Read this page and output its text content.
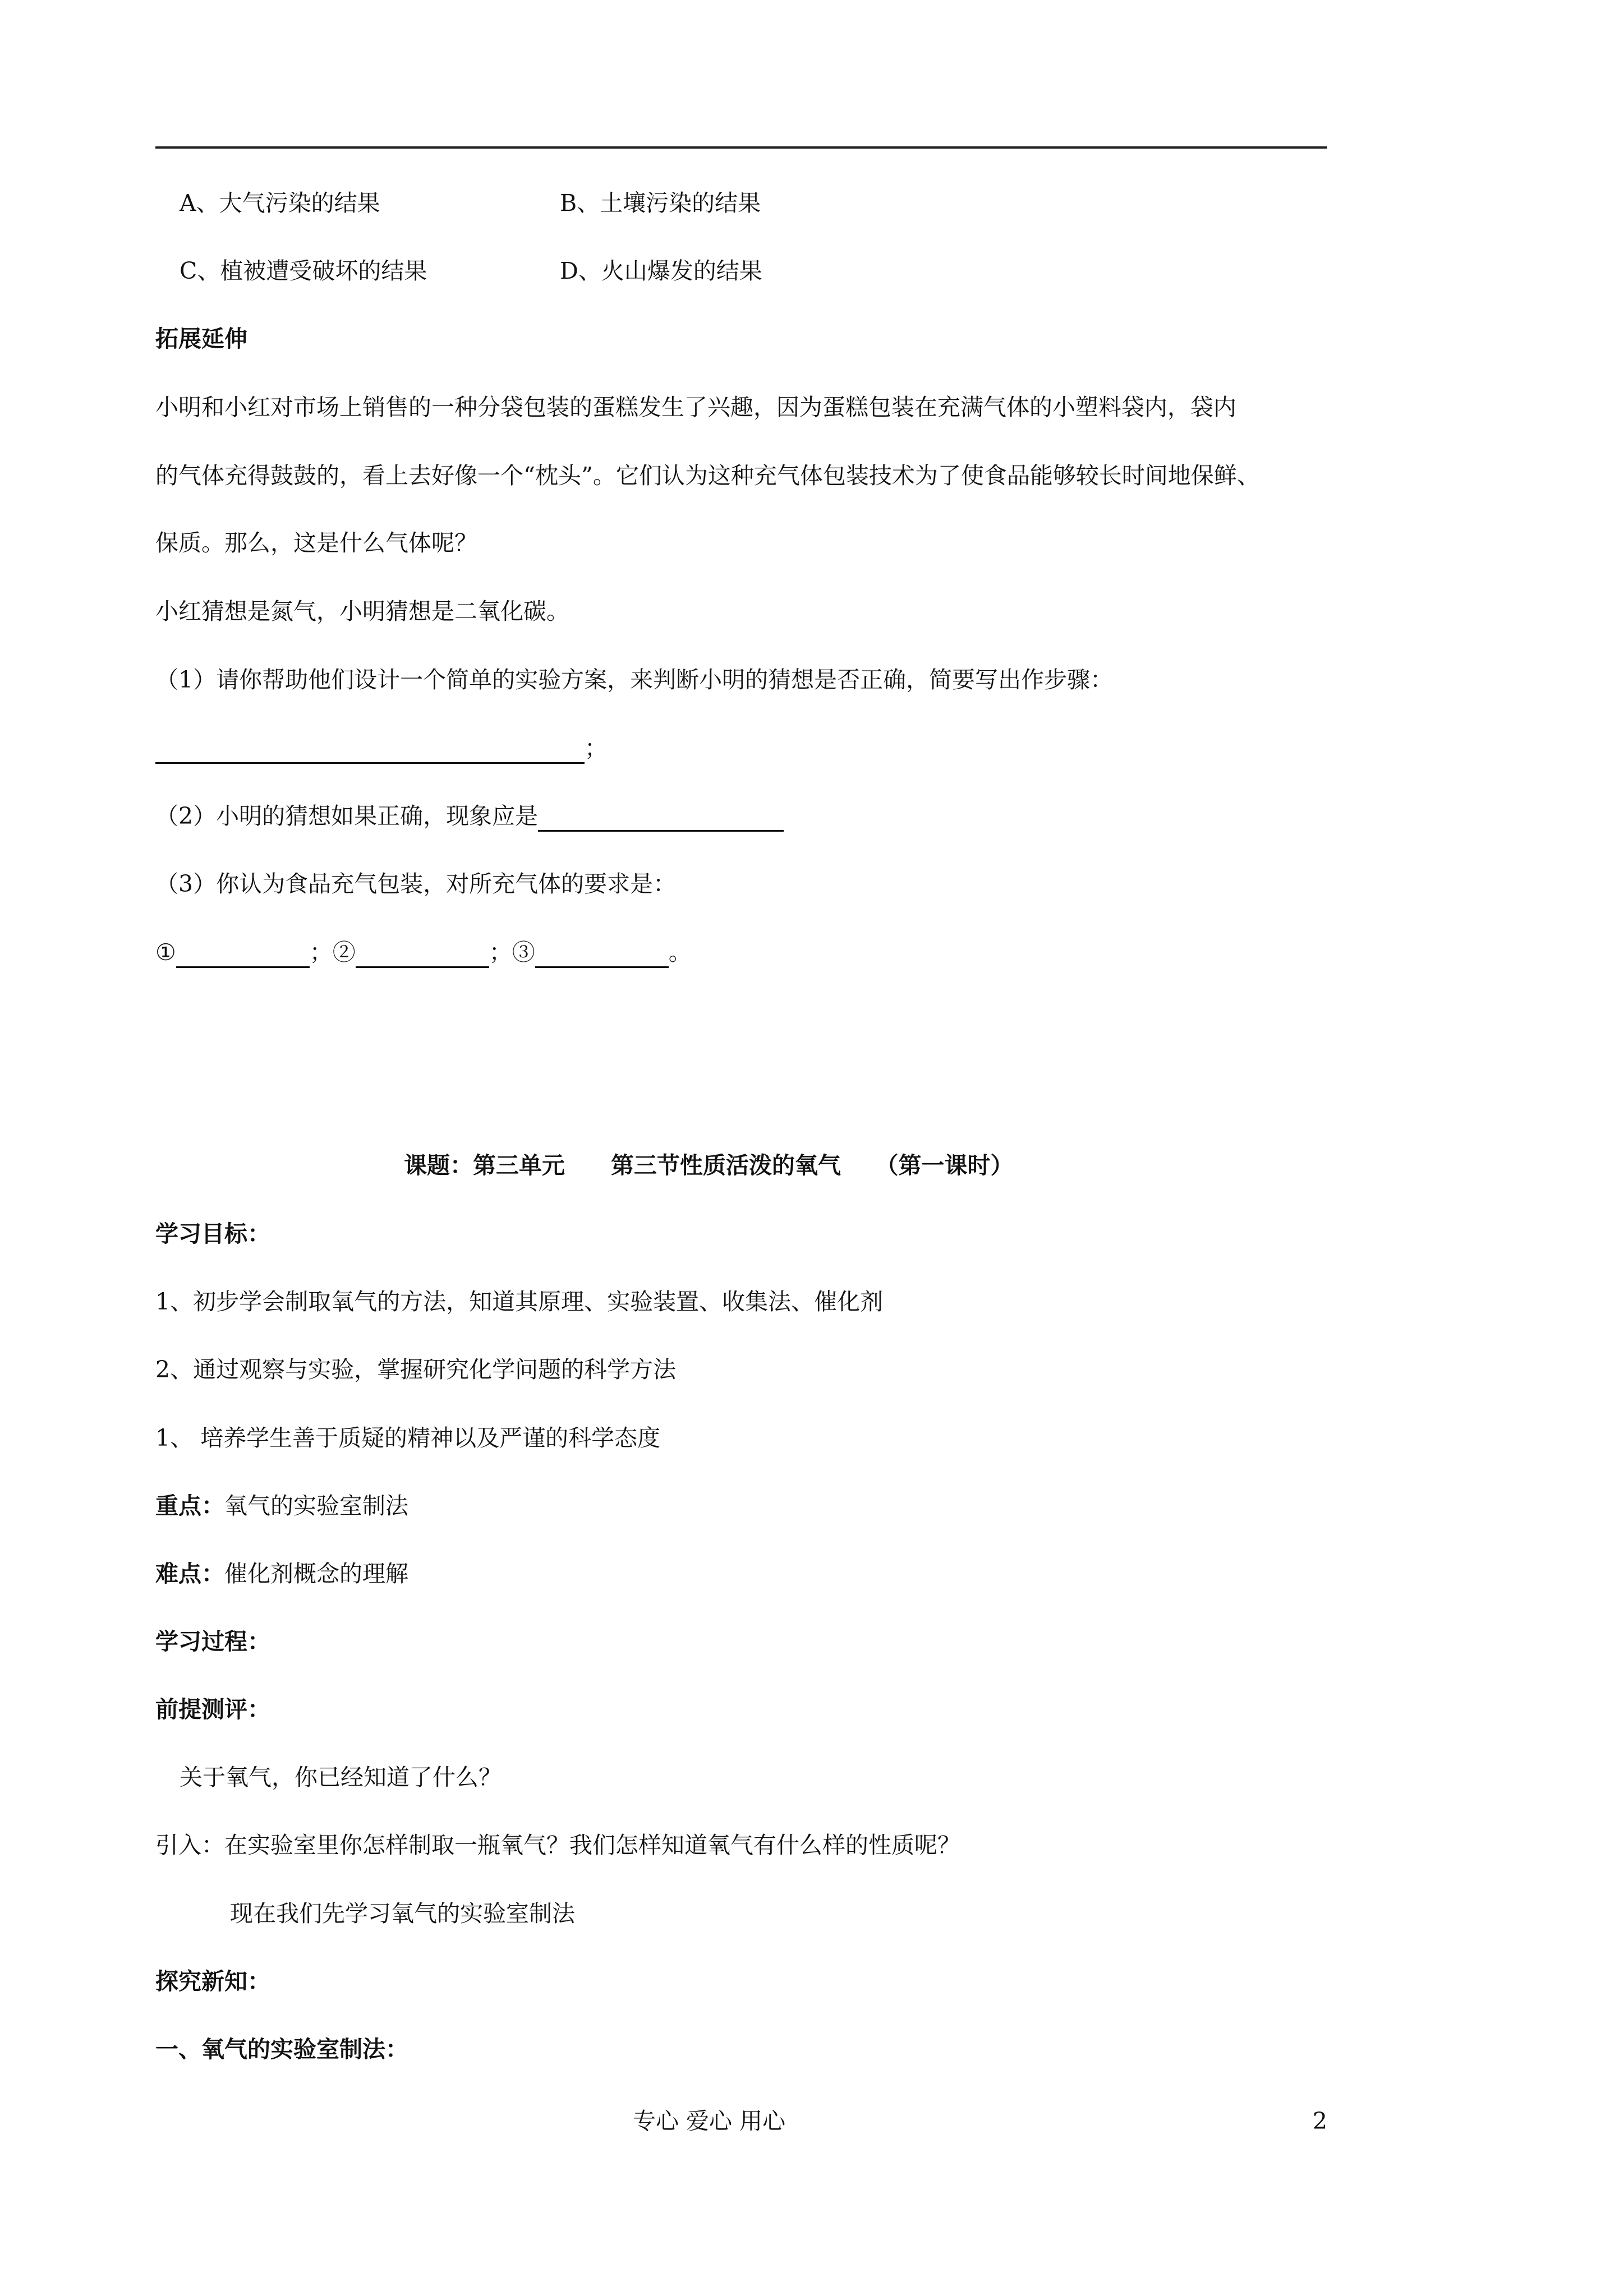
A、大气污染的结果	B、土壤污染的结果
C、植被遭受破坏的结果	D、火山爆发的结果
拓展延伸
小明和小红对市场上销售的一种分袋包装的蛋糕发生了兴趣，因为蛋糕包装在充满气体的小塑料袋内，袋内
的气体充得鼓鼓的，看上去好像一个“枕头”。它们认为这种充气体包装技术为了使食品能够较长时间地保鲜、
保质。那么，这是什么气体呢？
小红猜想是氮气，小明猜想是二氧化碳。
（1）请你帮助他们设计一个简单的实验方案，来判断小明的猜想是否正确，简要写出作步骤：
；
（2）小明的猜想如果正确，现象应是
（3）你认为食品充气包装，对所充气体的要求是：
①	；②	；③	。
课题：第三单元　　第三节性质活泼的氧气　　（第一课时）
学习目标：
1、初步学会制取氧气的方法，知道其原理、实验装置、收集法、催化剂
2、通过观察与实验，掌握研究化学问题的科学方法
1、 培养学生善于质疑的精神以及严谨的科学态度
重点：氧气的实验室制法
难点：催化剂概念的理解
学习过程：
前提测评：
关于氧气，你已经知道了什么？
引入：在实验室里你怎样制取一瓶氧气？我们怎样知道氧气有什么样的性质呢？
现在我们先学习氧气的实验室制法
探究新知：
一、氧气的实验室制法：
专心 爱心 用心	2
